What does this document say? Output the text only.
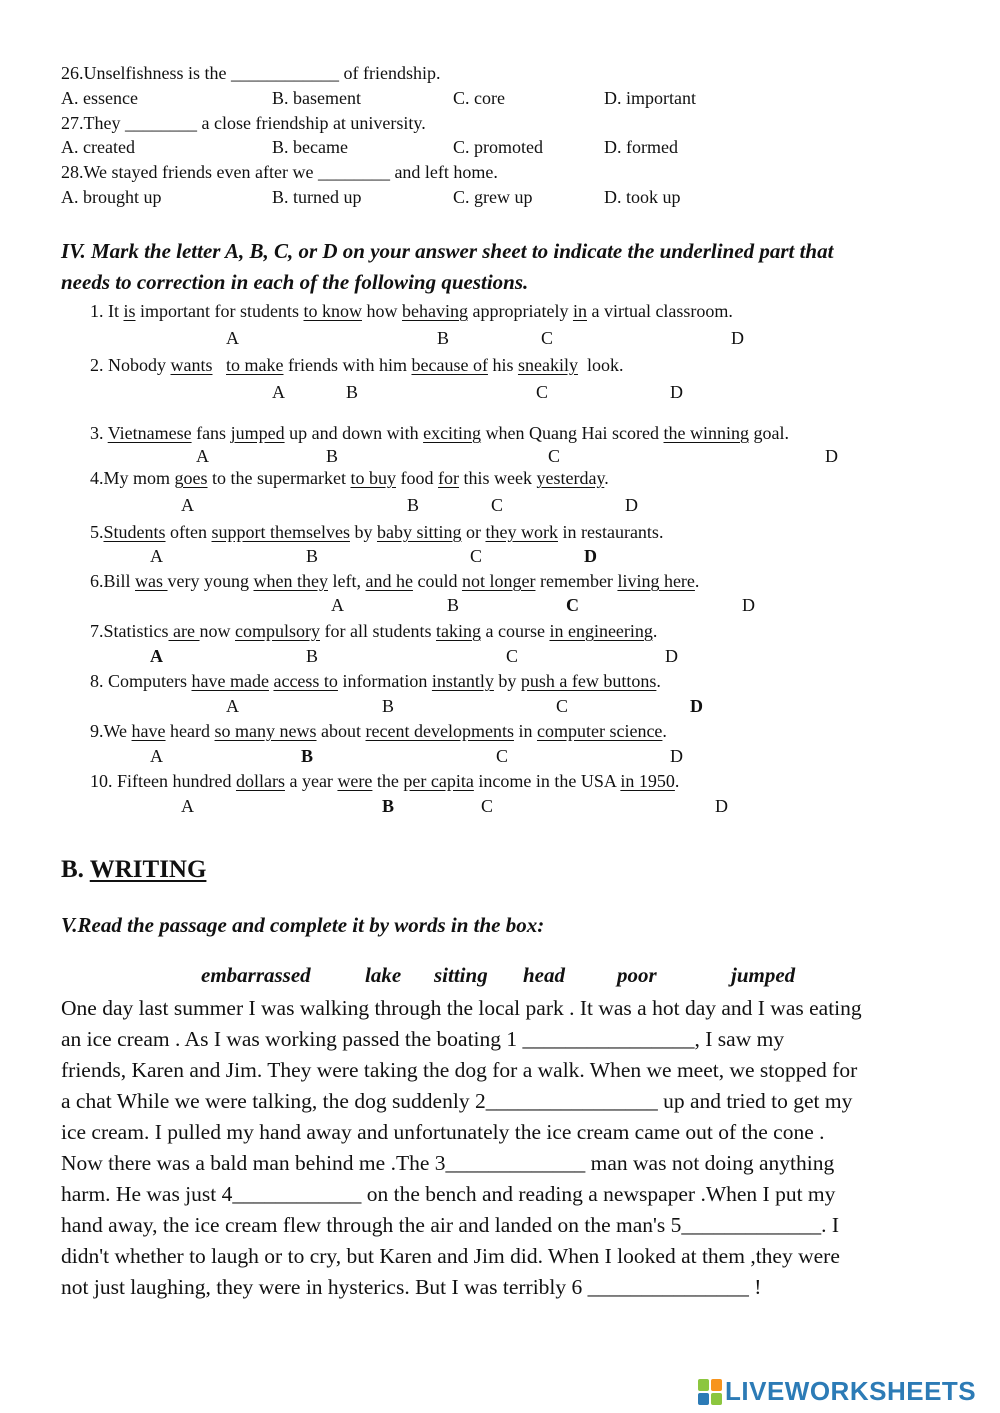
26.Unselfishness is the ____________ of friendship.
A. essence	B. basement	C. core	D. important
27.They ________ a close friendship at university.
A. created	B. became	C. promoted	D. formed
28.We stayed friends even after we ________ and left home.
A. brought up	B. turned up	C. grew up	D. took up
IV. Mark the letter A, B, C, or D on your answer sheet to indicate the underlined part that
needs to correction in each of the following questions.
1. It is important for students to know how behaving appropriately in a virtual classroom.
A	B	C	D
2. Nobody wants to make friends with him because of his sneakily  look.
A	B	C	D
3. Vietnamese fans jumped up and down with exciting when Quang Hai scored the winning goal.
A	B	C	D
4.My mom goes to the supermarket to buy food for this week yesterday.
A	B	C	D
5.Students often support themselves by baby sitting or they work in restaurants.
A	B	C	D
6.Bill was very young when they left, and he could not longer remember living here.
A	B	C	D
7.Statistics are now compulsory for all students taking a course in engineering.
A	B	C	D
8. Computers have made access to information instantly by push a few buttons.
A	B	C	D
9.We have heard so many news about recent developments in computer science.
A	B	C	D
10. Fifteen hundred dollars a year were the per capita income in the USA in 1950.
A	B	C	D
B. WRITING
V.Read the passage and complete it by words in the box:
embarrassed	lake sitting head poor	jumped
One day last summer I was walking through the local park . It was a hot day and I was eating
an ice cream . As I was working passed the boating 1 ________________, I saw my
friends, Karen and Jim. They were taking the dog for a walk. When we meet, we stopped for
a chat While we were talking, the dog suddenly 2________________ up and tried to get my
ice cream. I pulled my hand away and unfortunately the ice cream came out of the cone .
Now there was a bald man behind me .The 3_____________ man was not doing anything
harm. He was just 4____________ on the bench and reading a newspaper .When I put my
hand away, the ice cream flew through the air and landed on the man's 5_____________. I
didn't whether to laugh or to cry, but Karen and Jim did. When I looked at them ,they were
not just laughing, they were in hysterics. But I was terribly 6 _______________ !
LIVEWORKSHEETS
